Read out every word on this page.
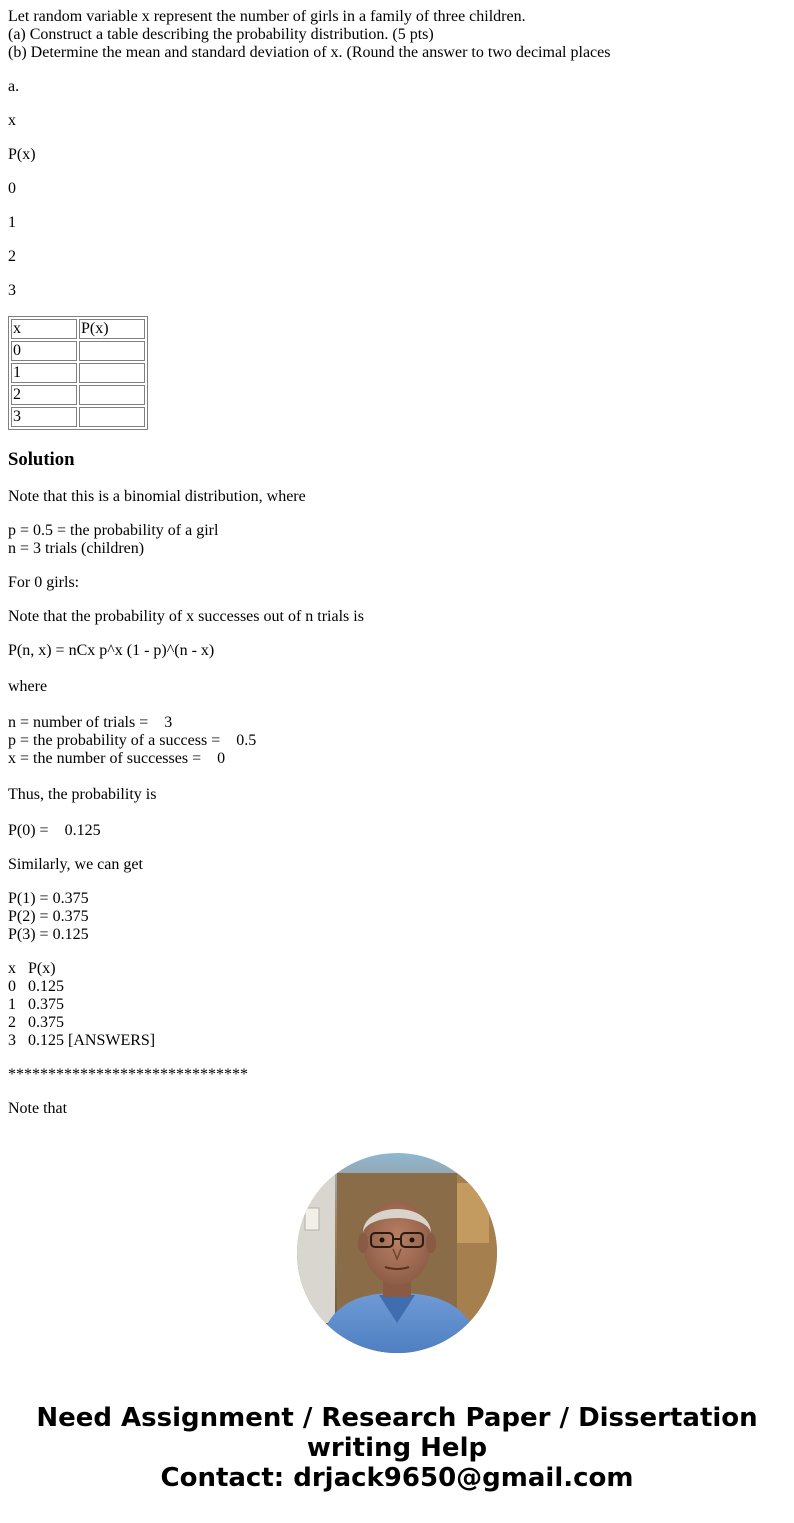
Let random variable x represent the number of girls in a family of three children.
(a) Construct a table describing the probability distribution. (5 pts)
(b) Determine the mean and standard deviation of x. (Round the answer to two decimal places
a.
x
P(x)
0
1
2
3
x	P(x)
0	
1	
2	
3	
Solution
Note that this is a binomial distribution, where
p = 0.5 = the probability of a girl
n = 3 trials (children)
For 0 girls:
Note that the probability of x successes out of n trials is
P(n, x) = nCx p^x (1 - p)^(n - x)
where
n = number of trials =    3
p = the probability of a success =    0.5
x = the number of successes =    0
Thus, the probability is
P(0) =    0.125
Similarly, we can get
P(1) = 0.375
P(2) = 0.375
P(3) = 0.125
x   P(x)
0   0.125
1   0.375
2   0.375
3   0.125 [ANSWERS]
******************************
Note that
Need Assignment / Research Paper / Dissertation
writing Help
Contact: drjack9650@gmail.com
